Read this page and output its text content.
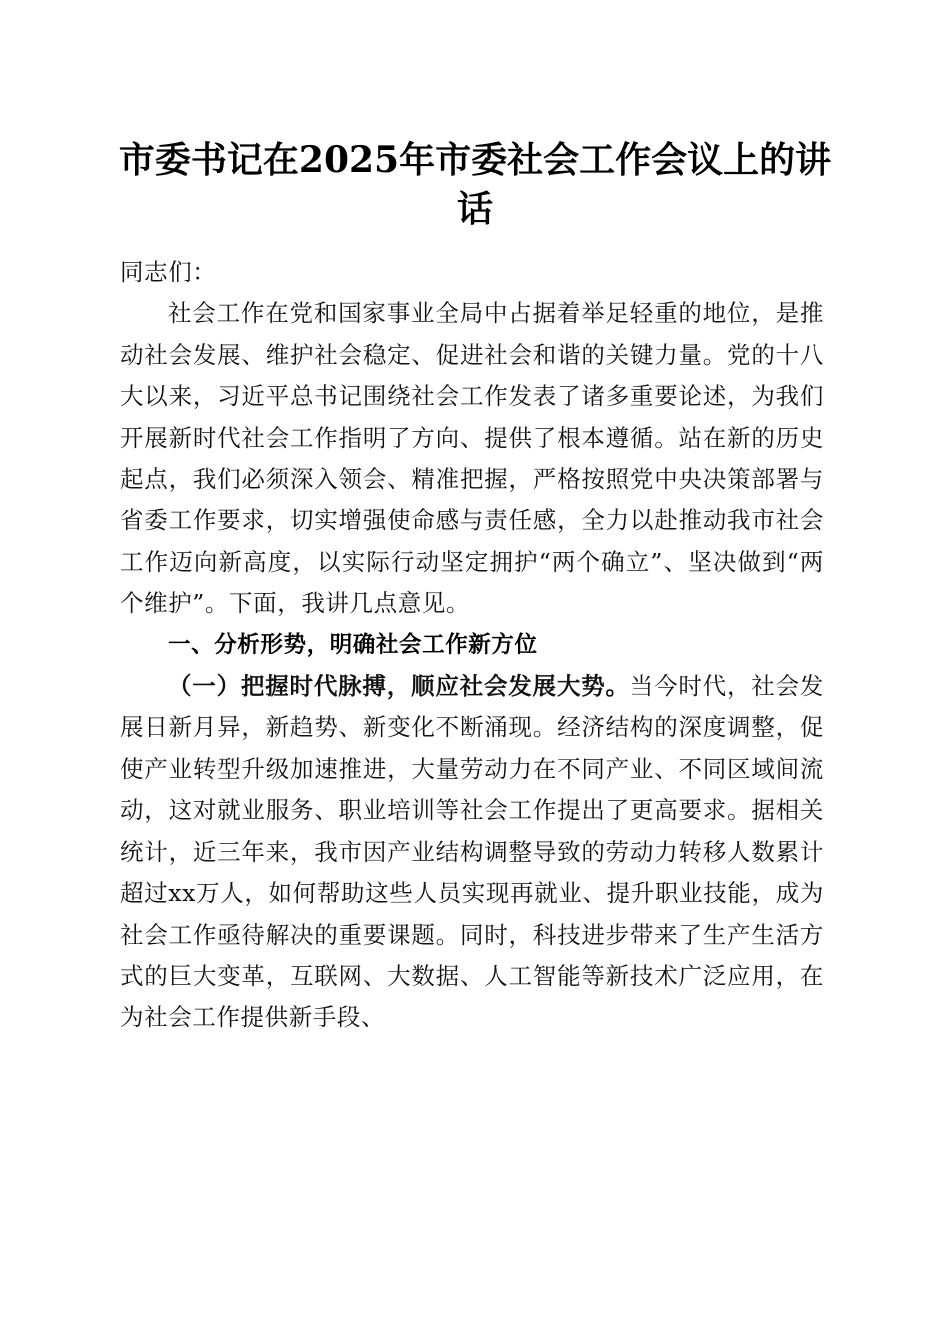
市委书记在2025年市委社会工作会议上的讲话

同志们：

社会工作在党和国家事业全局中占据着举足轻重的地位，是推动社会发展、维护社会稳定、促进社会和谐的关键力量。党的十八大以来，习近平总书记围绕社会工作发表了诸多重要论述，为我们开展新时代社会工作指明了方向、提供了根本遵循。站在新的历史起点，我们必须深入领会、精准把握，严格按照党中央决策部署与省委工作要求，切实增强使命感与责任感，全力以赴推动我市社会工作迈向新高度，以实际行动坚定拥护“两个确立”、坚决做到“两个维护”。下面，我讲几点意见。

一、分析形势，明确社会工作新方位

（一）把握时代脉搏，顺应社会发展大势。当今时代，社会发展日新月异，新趋势、新变化不断涌现。经济结构的深度调整，促使产业转型升级加速推进，大量劳动力在不同产业、不同区域间流动，这对就业服务、职业培训等社会工作提出了更高要求。据相关统计，近三年来，我市因产业结构调整导致的劳动力转移人数累计超过xx万人，如何帮助这些人员实现再就业、提升职业技能，成为社会工作亟待解决的重要课题。同时，科技进步带来了生产生活方式的巨大变革，互联网、大数据、人工智能等新技术广泛应用，在为社会工作提供新手段、
